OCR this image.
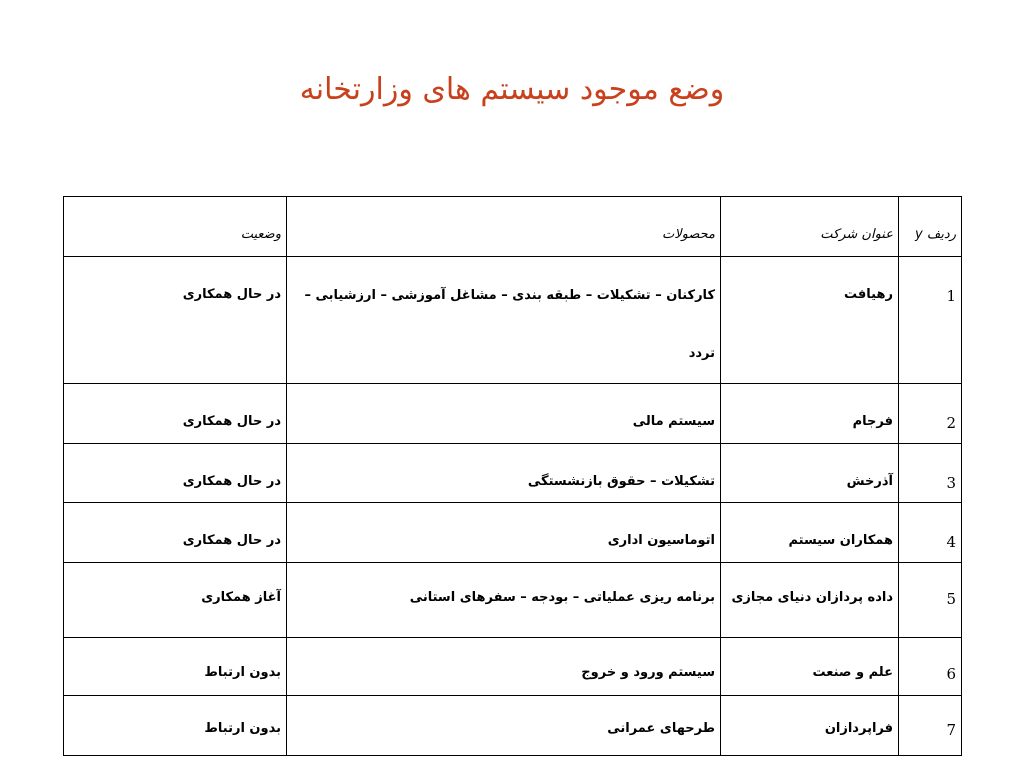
وضع موجود سیستم های وزارتخانه
ردیف y	عنوان شرکت	محصولات	وضعیت
1	رهیافت	کارکنان – تشکیلات – طبقه بندی – مشاغل آموزشی – ارزشیابی – تردد	در حال همکاری
2	فرجام	سیستم مالی	در حال همکاری
3	آذرخش	تشکیلات – حقوق بازنشستگی	در حال همکاری
4	همکاران سیستم	اتوماسیون اداری	در حال همکاری
5	داده پردازان دنیای مجازی	برنامه ریزی عملیاتی – بودجه – سفرهای استانی	آغاز همکاری
6	علم و صنعت	سیستم ورود و خروج	بدون ارتباط
7	فراپردازان	طرحهای عمرانی	بدون ارتباط
